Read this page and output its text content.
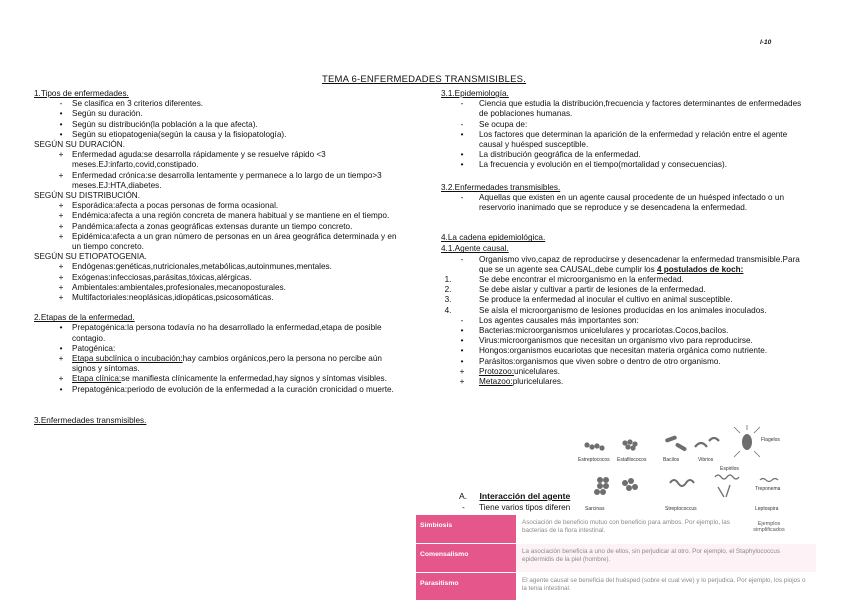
l-10
TEMA 6-ENFERMEDADES TRANSMISIBLES.
1.Tipos de enfermedades.
-	Se clasifica en 3 criterios diferentes.
•	Según su duración.
•	Según su distribución(la población a la que afecta).
•	Según su etiopatogenia(según la causa y la fisiopatología).
SEGÚN SU DURACIÓN.
+	Enfermedad aguda:se desarrolla rápidamente y se resuelve rápido <3 meses.EJ:infarto,covid,constipado.
+	Enfermedad crónica:se desarrolla lentamente y permanece a lo largo de un tiempo>3 meses.EJ:HTA,diabetes.
SEGÚN SU DISTRIBUCIÓN.
+	Esporádica:afecta a pocas personas de forma ocasional.
+	Endémica:afecta a una región concreta de manera habitual y se mantiene en el tiempo.
+	Pandémica:afecta a zonas geográficas extensas durante un tiempo concreto.
+	Epidémica:afecta a un gran número de personas en un área geográfica determinada y en un tiempo concreto.
SEGÚN SU ETIOPATOGENIA.
+	Endógenas:genéticas,nutricionales,metabólicas,autoinmunes,mentales.
+	Exógenas:infecciosas,parásitas,tóxicas,alérgicas.
+	Ambientales:ambientales,profesionales,mecanoposturales.
+	Multifactoriales:neoplásicas,idiopáticas,psicosomáticas.
2.Etapas de la enfermedad.
•	Prepatogénica:la persona todavía no ha desarrollado la enfermedad,etapa de posible contagio.
•	Patogénica:
+	Etapa subclínica o incubación:hay cambios orgánicos,pero la persona no percibe aún signos y síntomas.
+	Etapa clínica:se manifiesta clínicamente la enfermedad,hay signos y síntomas visibles.
•	Prepatogénica:periodo de evolución de la enfermedad a la curación cronicidad o muerte.
3.Enfermedades transmisibles.
3.1.Epidemiología.
-	Ciencia que estudia la distribución,frecuencia y factores determinantes de enfermedades de poblaciones humanas.
-	Se ocupa de:
•	Los factores que determinan la aparición de la enfermedad y relación entre el agente causal y huésped susceptible.
•	La distribución geográfica de la enfermedad.
•	La frecuencia y evolución en el tiempo(mortalidad y consecuencias).
3.2.Enfermedades transmisibles.
-	Aquellas que existen en un agente causal procedente de un huésped infectado o un reservorio inanimado que se reproduce y se desencadena la enfermedad.
4.La cadena epidemiológica.
4.1.Agente causal.
-	Organismo vivo,capaz de reproducirse y desencadenar la enfermedad transmisible.Para que se un agente sea CAUSAL,debe cumplir los 4 postulados de koch:
1.	Se debe encontrar el microorganismo en la enfermedad.
2.	Se debe aislar y cultivar a partir de lesiones de la enfermedad.
3.	Se produce la enfermedad al inocular el cultivo en animal susceptible.
4.	Se aísla el microorganismo de lesiones producidas en los animales inoculados.
-	Los agentes causales más importantes son:
•	Bacterias:microorganismos unicelulares y procariotas.Cocos,bacilos.
•	Virus:microorganismos que necesitan un organismo vivo para reproducirse.
•	Hongos:organismos eucariotas que necesitan materia orgánica como nutriente.
•	Parásitos:organismos que viven sobre o dentro de otro organismo.
+	Protozoo:unicelulares.
+	Metazoo:pluricelulares.
A. Interacción del agente
- Tiene varios tipos diferen
Estreptococos Estafilococos	Bacilos	Vibrios
Flagelos
Espirilos
Treponema
Leptospira
Streptococcus
Sarcinas
Simbiosis	Asociación de beneficio mutuo con beneficio para ambos. Por ejemplo, las bacterias de la flora intestinal.
Comensalismo	La asociación beneficia a uno de ellos, sin perjudicar al otro. Por ejemplo, el Staphylococcus epidermidis de la piel (hombre).
Parasitismo	El agente causal se beneficia del huésped (sobre el cual vive) y lo perjudica. Por ejemplo, los piojos o la tenia intestinal.
Ejemplos simplificados
